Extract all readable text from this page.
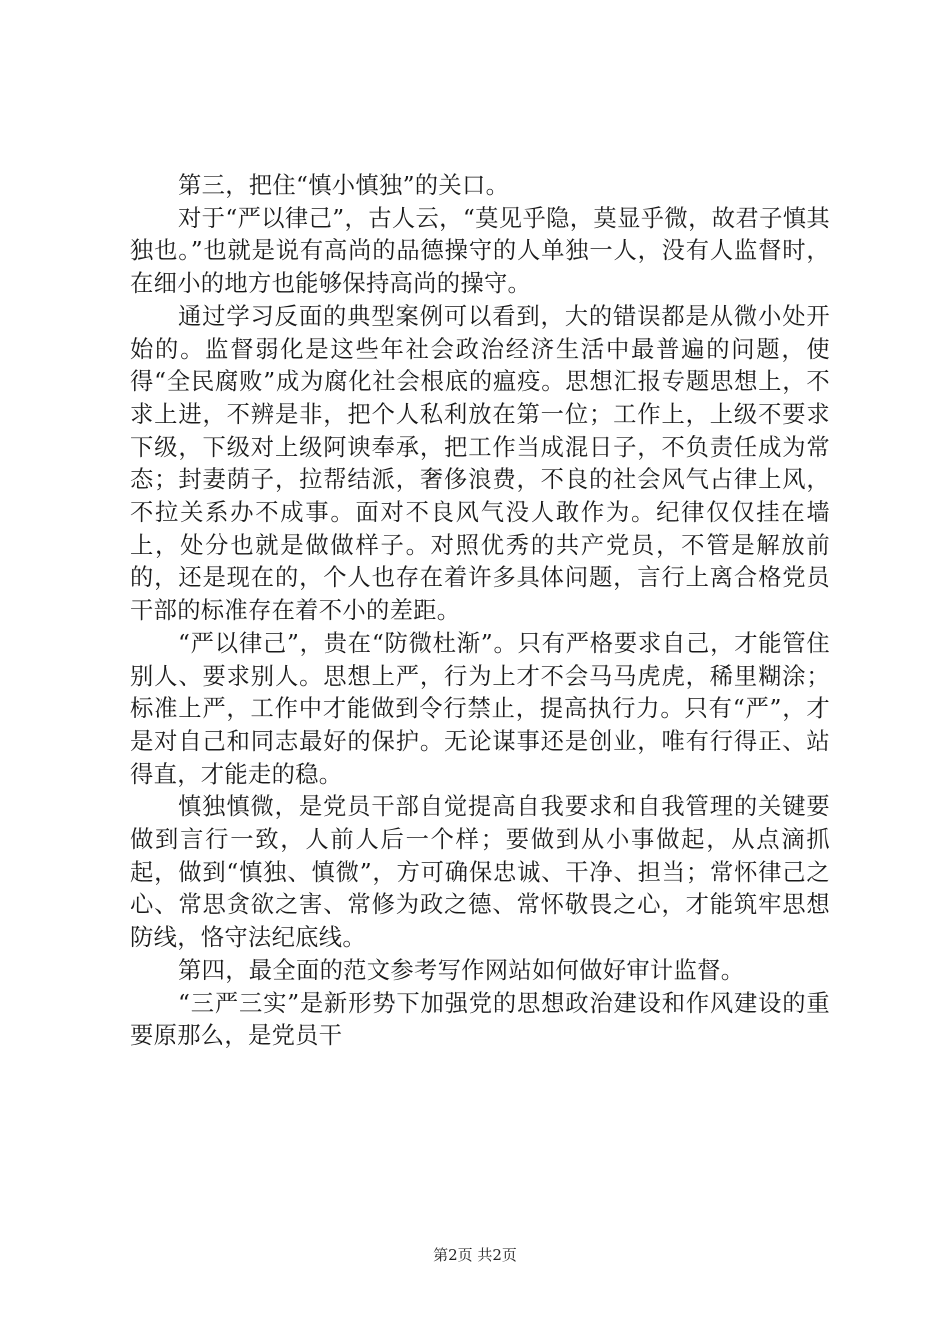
第三，把住“慎小慎独”的关口。

对于“严以律己”，古人云，“莫见乎隐，莫显乎微，故君子慎其独也。”也就是说有高尚的品德操守的人单独一人，没有人监督时，在细小的地方也能够保持高尚的操守。

通过学习反面的典型案例可以看到，大的错误都是从微小处开始的。监督弱化是这些年社会政治经济生活中最普遍的问题，使得“全民腐败”成为腐化社会根底的瘟疫。思想汇报专题思想上，不求上进，不辨是非，把个人私利放在第一位；工作上，上级不要求下级，下级对上级阿谀奉承，把工作当成混日子，不负责任成为常态；封妻荫子，拉帮结派，奢侈浪费，不良的社会风气占律上风，不拉关系办不成事。面对不良风气没人敢作为。纪律仅仅挂在墙上，处分也就是做做样子。对照优秀的共产党员，不管是解放前的，还是现在的，个人也存在着许多具体问题，言行上离合格党员干部的标准存在着不小的差距。

“严以律己”，贵在“防微杜渐”。只有严格要求自己，才能管住别人、要求别人。思想上严，行为上才不会马马虎虎，稀里糊涂；标准上严，工作中才能做到令行禁止，提高执行力。只有“严”，才是对自己和同志最好的保护。无论谋事还是创业，唯有行得正、站得直，才能走的稳。

慎独慎微，是党员干部自觉提高自我要求和自我管理的关键要做到言行一致，人前人后一个样；要做到从小事做起，从点滴抓起，做到“慎独、慎微”，方可确保忠诚、干净、担当；常怀律己之心、常思贪欲之害、常修为政之德、常怀敬畏之心，才能筑牢思想防线，恪守法纪底线。

第四，最全面的范文参考写作网站如何做好审计监督。

“三严三实”是新形势下加强党的思想政治建设和作风建设的重要原那么，是党员干

第2页 共2页
